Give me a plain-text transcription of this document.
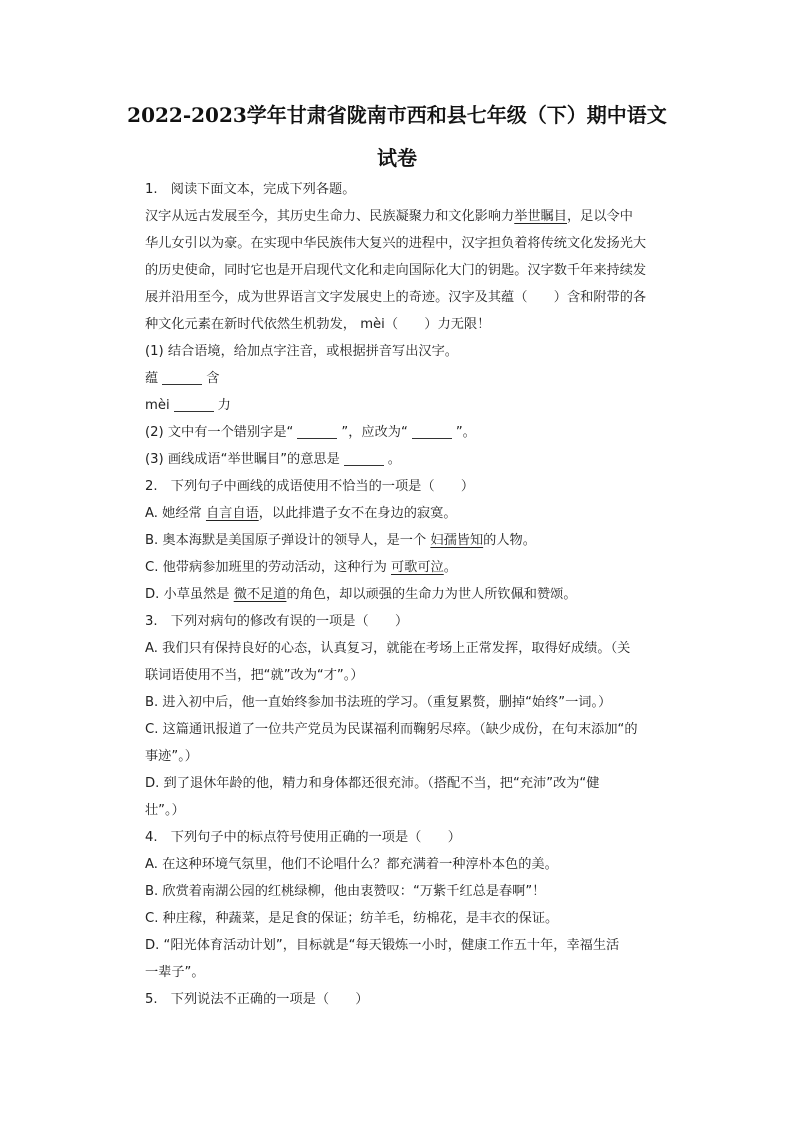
2022-2023学年甘肃省陇南市西和县七年级（下）期中语文
试卷
1.　阅读下面文本，完成下列各题。
汉字从远古发展至今，其历史生命力、民族凝聚力和文化影响力举世瞩目，足以令中
华儿女引以为豪。在实现中华民族伟大复兴的进程中，汉字担负着将传统文化发扬光大
的历史使命，同时它也是开启现代文化和走向国际化大门的钥匙。汉字数千年来持续发
展并沿用至今，成为世界语言文字发展史上的奇迹。汉字及其蕴（　　）含和附带的各
种文化元素在新时代依然生机勃发， mèi（　　）力无限！
(1) 结合语境，给加点字注音，或根据拼音写出汉字。
蕴	含
mèi	力
(2) 文中有一个错别字是“	”，应改为“	”。
(3) 画线成语“举世瞩目”的意思是	。
2.　下列句子中画线的成语使用不恰当的一项是（　　）
A. 她经常 自言自语，以此排遣子女不在身边的寂寞。
B. 奥本海默是美国原子弹设计的领导人，是一个 妇孺皆知的人物。
C. 他带病参加班里的劳动活动，这种行为 可歌可泣。
D. 小草虽然是 微不足道的角色，却以顽强的生命力为世人所钦佩和赞颂。
3.　下列对病句的修改有误的一项是（　　）
A. 我们只有保持良好的心态，认真复习，就能在考场上正常发挥，取得好成绩。（关
联词语使用不当，把“就”改为“才”。）
B. 进入初中后，他一直始终参加书法班的学习。（重复累赘，删掉“始终”一词。）
C. 这篇通讯报道了一位共产党员为民谋福利而鞠躬尽瘁。（缺少成份，在句末添加“的
事迹”。）
D. 到了退休年龄的他，精力和身体都还很充沛。（搭配不当，把“充沛”改为“健
壮”。）
4.　下列句子中的标点符号使用正确的一项是（　　）
A. 在这种环境气氛里，他们不论唱什么？都充满着一种淳朴本色的美。
B. 欣赏着南湖公园的红桃绿柳，他由衷赞叹：“万紫千红总是春啊”！
C. 种庄稼，种蔬菜，是足食的保证；纺羊毛，纺棉花，是丰衣的保证。
D. “阳光体育活动计划”，目标就是“每天锻炼一小时，健康工作五十年，幸福生活
一辈子”。
5.　下列说法不正确的一项是（　　）
